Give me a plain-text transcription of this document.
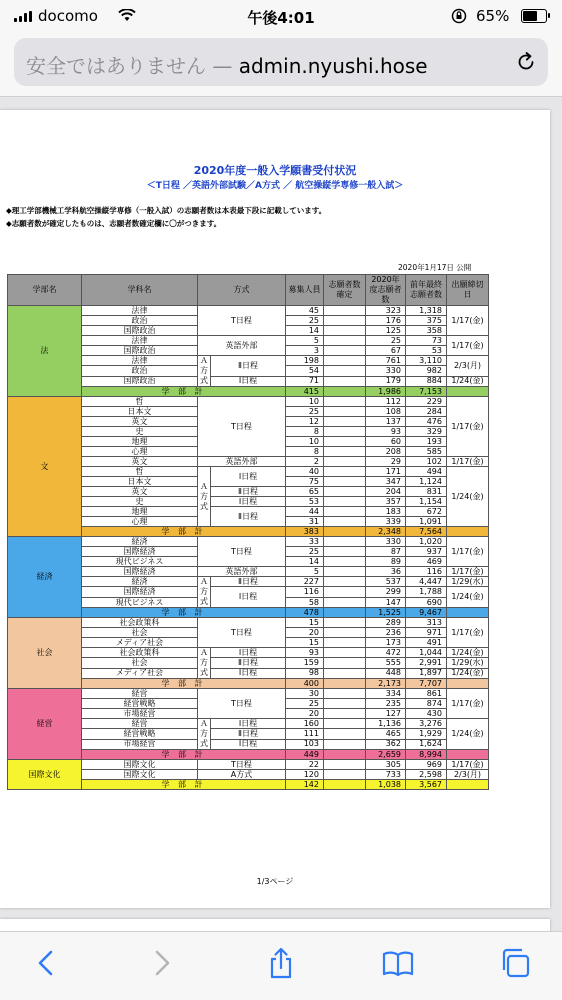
docomo	午後4:01	65%
安全ではありません — admin.nyushi.hose
2020年度一般入学願書受付状況
＜T日程 ／英語外部試験／A方式 ／ 航空操縦学専修一般入試＞
◆理工学部機械工学科航空操縦学専修（一般入試）の志願者数は本表最下段に記載しています。
◆志願者数が確定したものは、志願者数確定欄に〇がつきます。
2020年1月17日 公開
学部名	学科名	方式		募集人員	志願者数確定	2020年度志願者数	前年最終志願者数	出願締切日
法	法律	T日程		45		323	1,318	1/17(金)
	政治			25		176	375	
	国際政治			14		125	358	
	法律	英語外部		5		25	73	1/17(金)
	国際政治			3		67	53	
	法律	Ａ方式	Ⅱ日程	198		761	3,110	2/3(月)
	政治			54		330	982	
	国際政治		Ⅰ日程	71		179	884	1/24(金)
	学 部 計			415		1,986	7,153	
文	哲	T日程		10		112	229	1/17(金)
	日本文			25		108	284	
	英文			12		137	476	
	史			8		93	329	
	地理			10		60	193	
	心理			8		208	585	
	英文	英語外部		2		29	102	1/17(金)
	哲	Ａ方式	Ⅰ日程	40		171	494	1/24(金)
	日本文			75		347	1,124	
	英文		Ⅱ日程	65		204	831	
	史		Ⅰ日程	53		357	1,154	
	地理		Ⅱ日程	44		183	672	
	心理			31		339	1,091	
	学 部 計			383		2,348	7,564	
経済	経済	T日程		33		330	1,020	1/17(金)
	国際経済			25		87	937	
	現代ビジネス			14		89	469	
	国際経済	英語外部		5		36	116	1/17(金)
	経済	Ａ方式	Ⅱ日程	227		537	4,447	1/29(水)
	国際経済		Ⅰ日程	116		299	1,788	1/24(金)
	現代ビジネス			58		147	690	
	学 部 計			478		1,525	9,467	
社会	社会政策科	T日程		15		289	313	1/17(金)
	社会			20		236	971	
	メディア社会			15		173	491	
	社会政策科	Ａ方式	Ⅰ日程	93		472	1,044	1/24(金)
	社会		Ⅱ日程	159		555	2,991	1/29(水)
	メディア社会		Ⅰ日程	98		448	1,897	1/24(金)
	学 部 計			400		2,173	7,707	
経営	経営	T日程		30		334	861	1/17(金)
	経営戦略			25		235	874	
	市場経営			20		127	430	
	経営	Ａ方式	Ⅰ日程	160		1,136	3,276	1/24(金)
	経営戦略		Ⅱ日程	111		465	1,929	
	市場経営		Ⅰ日程	103		362	1,624	
	学 部 計			449		2,659	8,994	
国際文化	国際文化	T日程		22		305	969	1/17(金)
	国際文化	A方式		120		733	2,598	2/3(月)
	学 部 計			142		1,038	3,567	
1/3ページ
